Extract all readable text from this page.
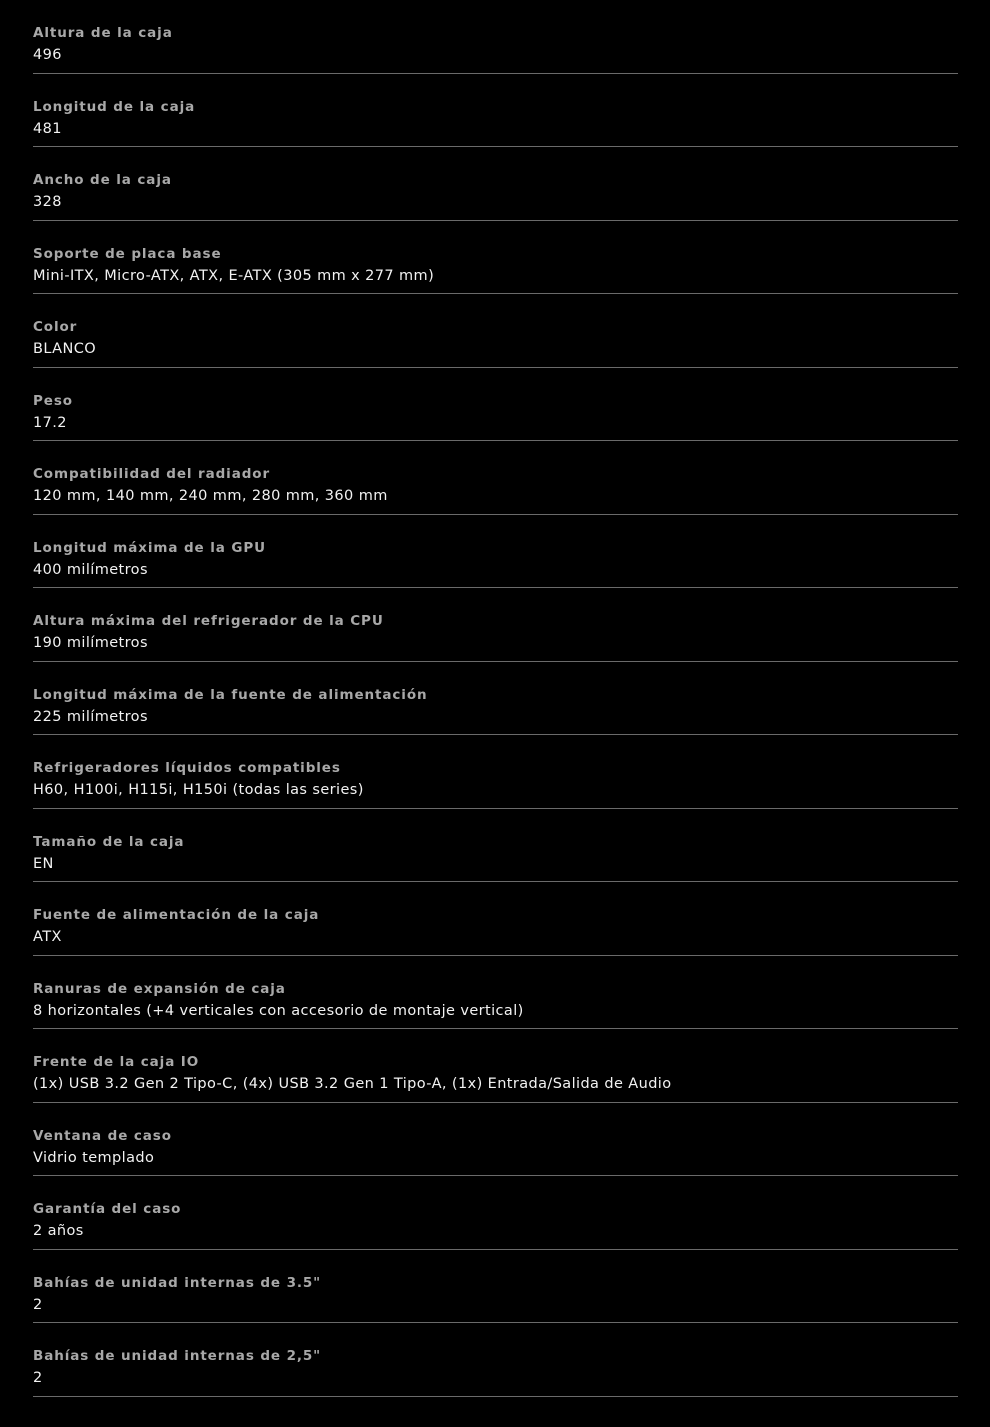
Altura de la caja
496
Longitud de la caja
481
Ancho de la caja
328
Soporte de placa base
Mini-ITX, Micro-ATX, ATX, E-ATX (305 mm x 277 mm)
Color
BLANCO
Peso
17.2
Compatibilidad del radiador
120 mm, 140 mm, 240 mm, 280 mm, 360 mm
Longitud máxima de la GPU
400 milímetros
Altura máxima del refrigerador de la CPU
190 milímetros
Longitud máxima de la fuente de alimentación
225 milímetros
Refrigeradores líquidos compatibles
H60, H100i, H115i, H150i (todas las series)
Tamaño de la caja
EN
Fuente de alimentación de la caja
ATX
Ranuras de expansión de caja
8 horizontales (+4 verticales con accesorio de montaje vertical)
Frente de la caja IO
(1x) USB 3.2 Gen 2 Tipo-C, (4x) USB 3.2 Gen 1 Tipo-A, (1x) Entrada/Salida de Audio
Ventana de caso
Vidrio templado
Garantía del caso
2 años
Bahías de unidad internas de 3.5"
2
Bahías de unidad internas de 2,5"
2
